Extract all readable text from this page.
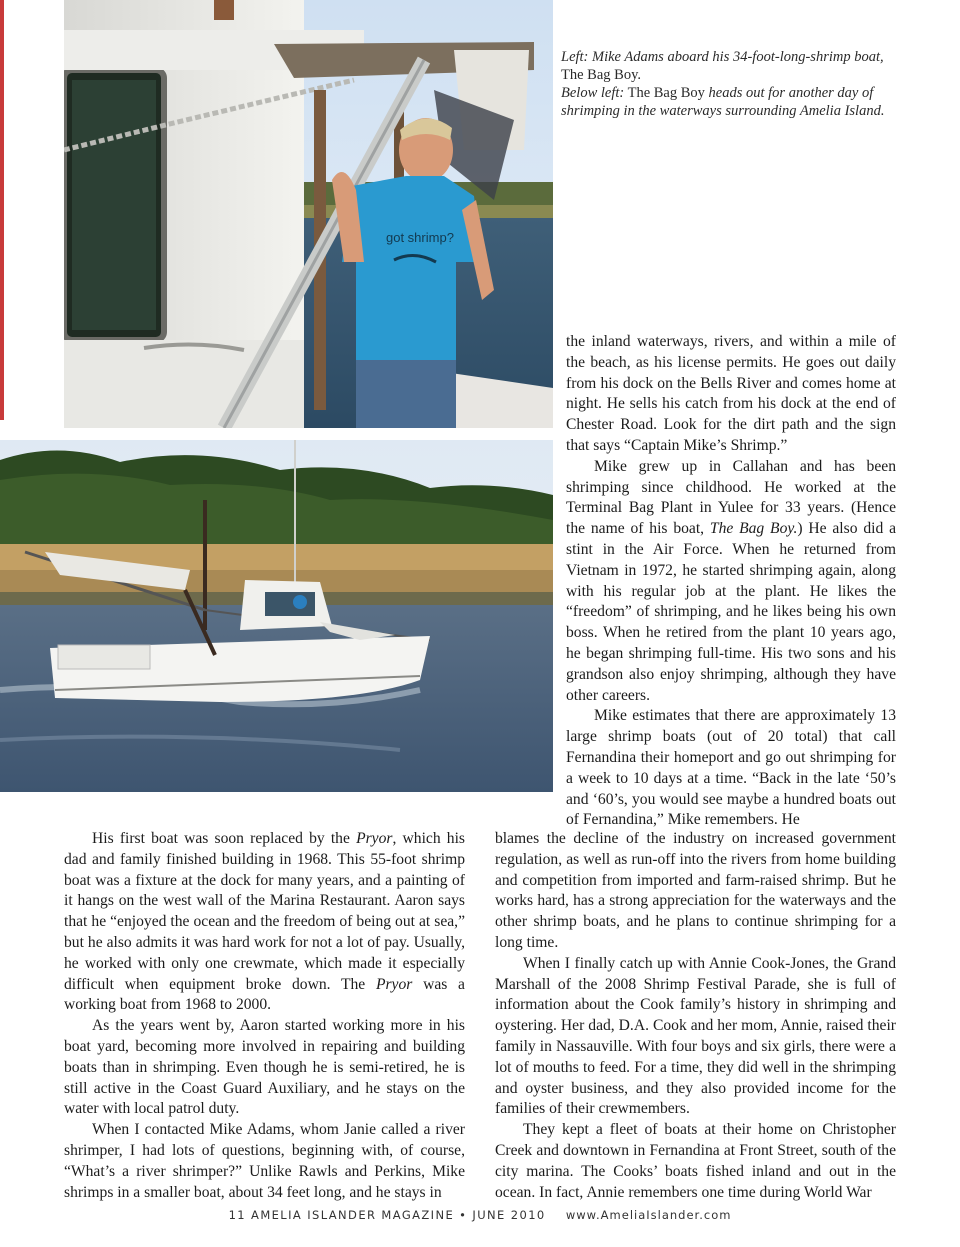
got shrimp?
Left: Mike Adams aboard his 34-foot-long-shrimp boat,
The Bag Boy.
Below left: The Bag Boy heads out for another day of shrimping in the waterways surrounding Amelia Island.

the inland waterways, rivers, and within a mile of the beach, as his license permits. He goes out daily from his dock on the Bells River and comes home at night. He sells his catch from his dock at the end of Chester Road. Look for the dirt path and the sign that says “Captain Mike’s Shrimp.”

Mike grew up in Callahan and has been shrimping since childhood. He worked at the Terminal Bag Plant in Yulee for 33 years. (Hence the name of his boat, The Bag Boy.) He also did a stint in the Air Force. When he returned from Vietnam in 1972, he started shrimping again, along with his regular job at the plant. He likes the “freedom” of shrimping, and he likes being his own boss. When he retired from the plant 10 years ago, he began shrimping full-time. His two sons and his grandson also enjoy shrimping, although they have other careers.

Mike estimates that there are approximately 13 large shrimp boats (out of 20 total) that call Fernandina their homeport and go out shrimping for a week to 10 days at a time. “Back in the late ‘50’s and ‘60’s, you would see maybe a hundred boats out of Fernandina,” Mike remembers. He

blames the decline of the industry on increased government regulation, as well as run-off into the rivers from home building and competition from imported and farm-raised shrimp. But he works hard, has a strong appreciation for the waterways and the other shrimp boats, and he plans to continue shrimping for a long time.

When I finally catch up with Annie Cook-Jones, the Grand Marshall of the 2008 Shrimp Festival Parade, she is full of information about the Cook family’s history in shrimping and oystering. Her dad, D.A. Cook and her mom, Annie, raised their family in Nassauville. With four boys and six girls, there were a lot of mouths to feed. For a time, they did well in the shrimping and oyster business, and they also provided income for the families of their crewmembers.

They kept a fleet of boats at their home on Christopher Creek and downtown in Fernandina at Front Street, south of the city marina. The Cooks’ boats fished inland and out in the ocean. In fact, Annie remembers one time during World War

His first boat was soon replaced by the Pryor, which his dad and family finished building in 1968. This 55-foot shrimp boat was a fixture at the dock for many years, and a painting of it hangs on the west wall of the Marina Restaurant. Aaron says that he “enjoyed the ocean and the freedom of being out at sea,” but he also admits it was hard work for not a lot of pay. Usually, he worked with only one crewmate, which made it especially difficult when equipment broke down. The Pryor was a working boat from 1968 to 2000.

As the years went by, Aaron started working more in his boat yard, becoming more involved in repairing and building boats than in shrimping. Even though he is semi-retired, he is still active in the Coast Guard Auxiliary, and he stays on the water with local patrol duty.

When I contacted Mike Adams, whom Janie called a river shrimper, I had lots of questions, beginning with, of course, “What’s a river shrimper?” Unlike Rawls and Perkins, Mike shrimps in a smaller boat, about 34 feet long, and he stays in

11 AMELIA ISLANDER MAGAZINE • JUNE 2010 www.AmeliaIslander.com
